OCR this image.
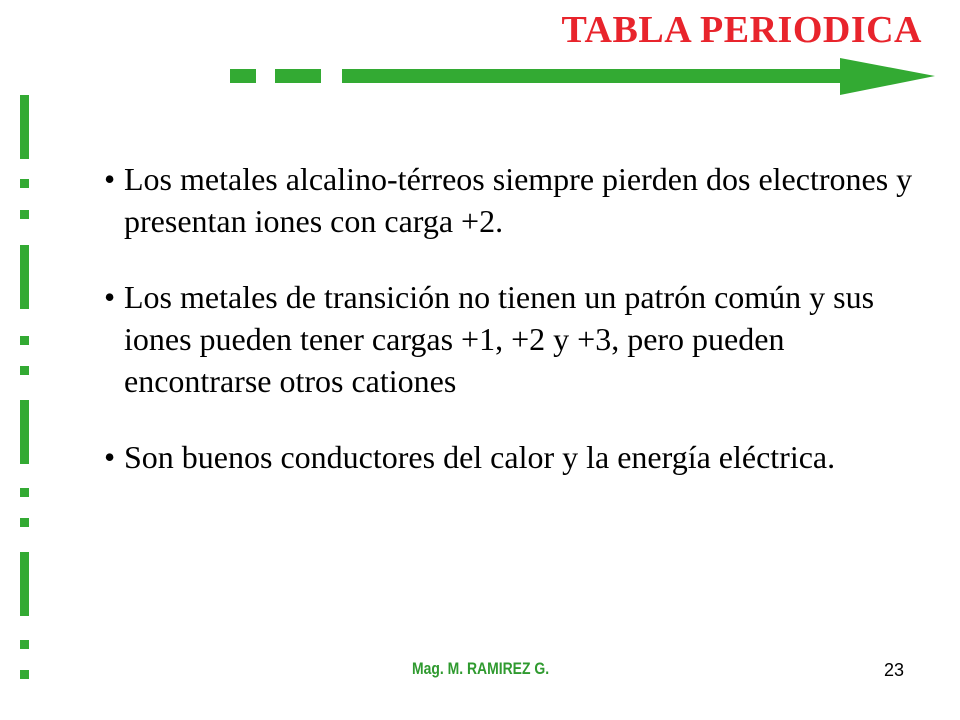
TABLA PERIODICA
• Los metales alcalino-térreos siempre pierden dos electrones y presentan iones con carga +2.
• Los metales de transición no tienen un patrón común y sus iones pueden tener cargas +1, +2 y +3, pero pueden encontrarse otros cationes
• Son buenos conductores del calor y la energía eléctrica.
Mag. M. RAMIREZ G.	23
